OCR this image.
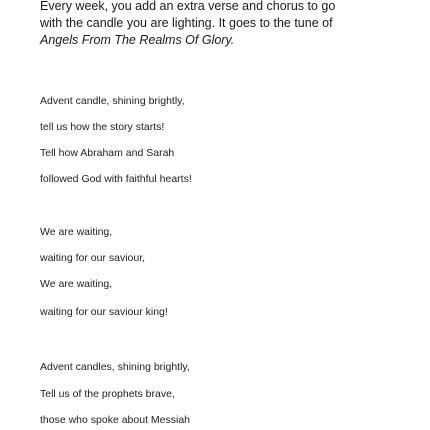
Every week, you add an extra verse and chorus to go
with the candle you are lighting. It goes to the tune of
Angels From The Realms Of Glory.
Advent candle, shining brightly,
tell us how the story starts!
Tell how Abraham and Sarah
followed God with faithful hearts!
We are waiting,
waiting for our saviour,
We are waiting,
waiting for our saviour king!
Advent candles, shining brightly,
Tell us of the prophets brave,
those who spoke about Messiah
